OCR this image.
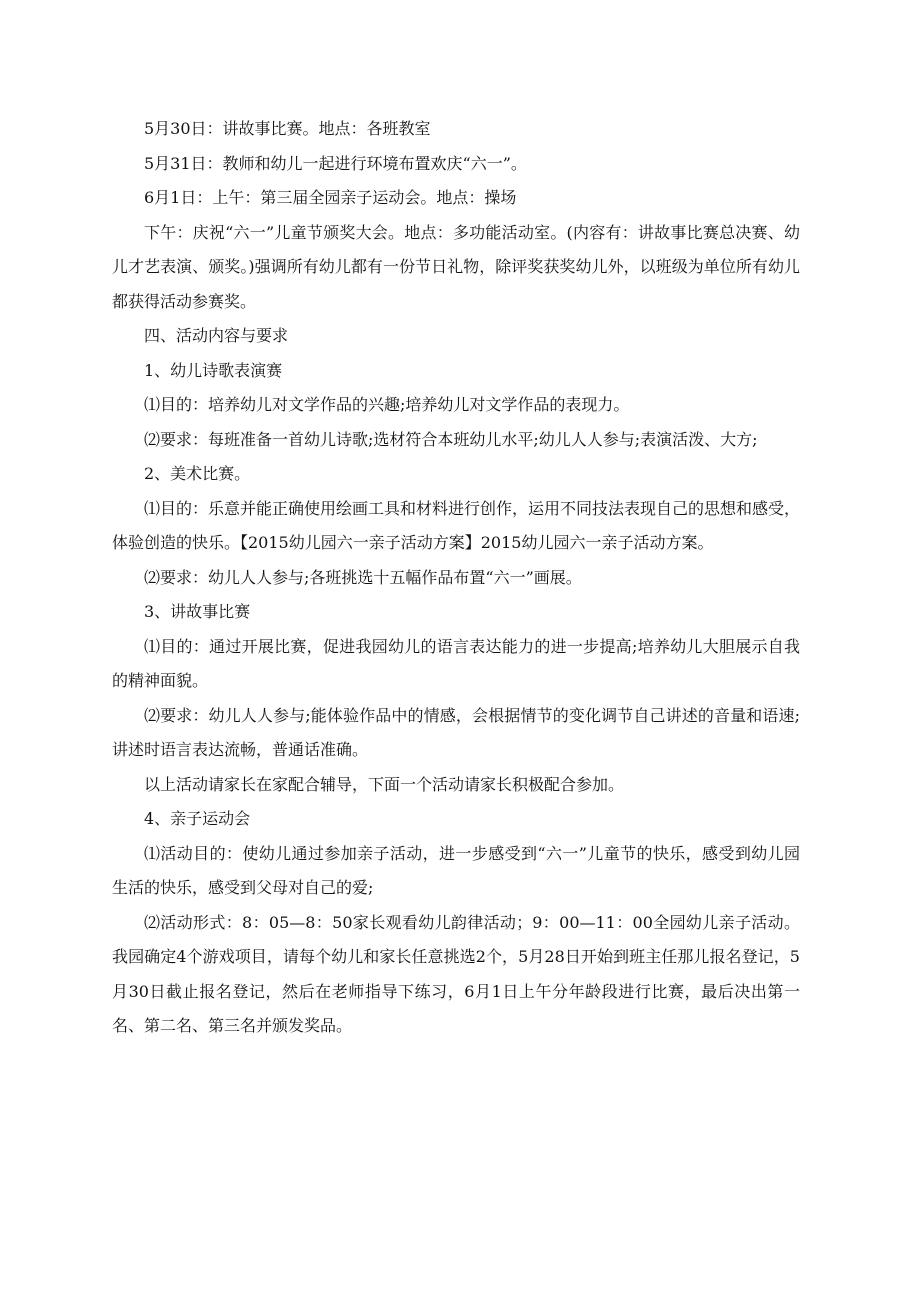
5月30日：讲故事比赛。地点：各班教室

5月31日：教师和幼儿一起进行环境布置欢庆“六一”。

6月1日：上午：第三届全园亲子运动会。地点：操场

下午：庆祝“六一”儿童节颁奖大会。地点：多功能活动室。(内容有：讲故事比赛总决赛、幼儿才艺表演、颁奖。)强调所有幼儿都有一份节日礼物，除评奖获奖幼儿外，以班级为单位所有幼儿都获得活动参赛奖。

四、活动内容与要求

1、幼儿诗歌表演赛

⑴目的：培养幼儿对文学作品的兴趣;培养幼儿对文学作品的表现力。

⑵要求：每班准备一首幼儿诗歌;选材符合本班幼儿水平;幼儿人人参与;表演活泼、大方;

2、美术比赛。

⑴目的：乐意并能正确使用绘画工具和材料进行创作，运用不同技法表现自己的思想和感受，体验创造的快乐。【2015幼儿园六一亲子活动方案】2015幼儿园六一亲子活动方案。

⑵要求：幼儿人人参与;各班挑选十五幅作品布置“六一”画展。

3、讲故事比赛

⑴目的：通过开展比赛，促进我园幼儿的语言表达能力的进一步提高;培养幼儿大胆展示自我的精神面貌。

⑵要求：幼儿人人参与;能体验作品中的情感，会根据情节的变化调节自己讲述的音量和语速;讲述时语言表达流畅，普通话准确。

以上活动请家长在家配合辅导，下面一个活动请家长积极配合参加。

4、亲子运动会

⑴活动目的：使幼儿通过参加亲子活动，进一步感受到“六一”儿童节的快乐，感受到幼儿园生活的快乐，感受到父母对自己的爱;

⑵活动形式：8：05—8：50家长观看幼儿韵律活动；9：00—11：00全园幼儿亲子活动。我园确定4个游戏项目，请每个幼儿和家长任意挑选2个，5月28日开始到班主任那儿报名登记，5月30日截止报名登记，然后在老师指导下练习，6月1日上午分年龄段进行比赛，最后决出第一名、第二名、第三名并颁发奖品。
